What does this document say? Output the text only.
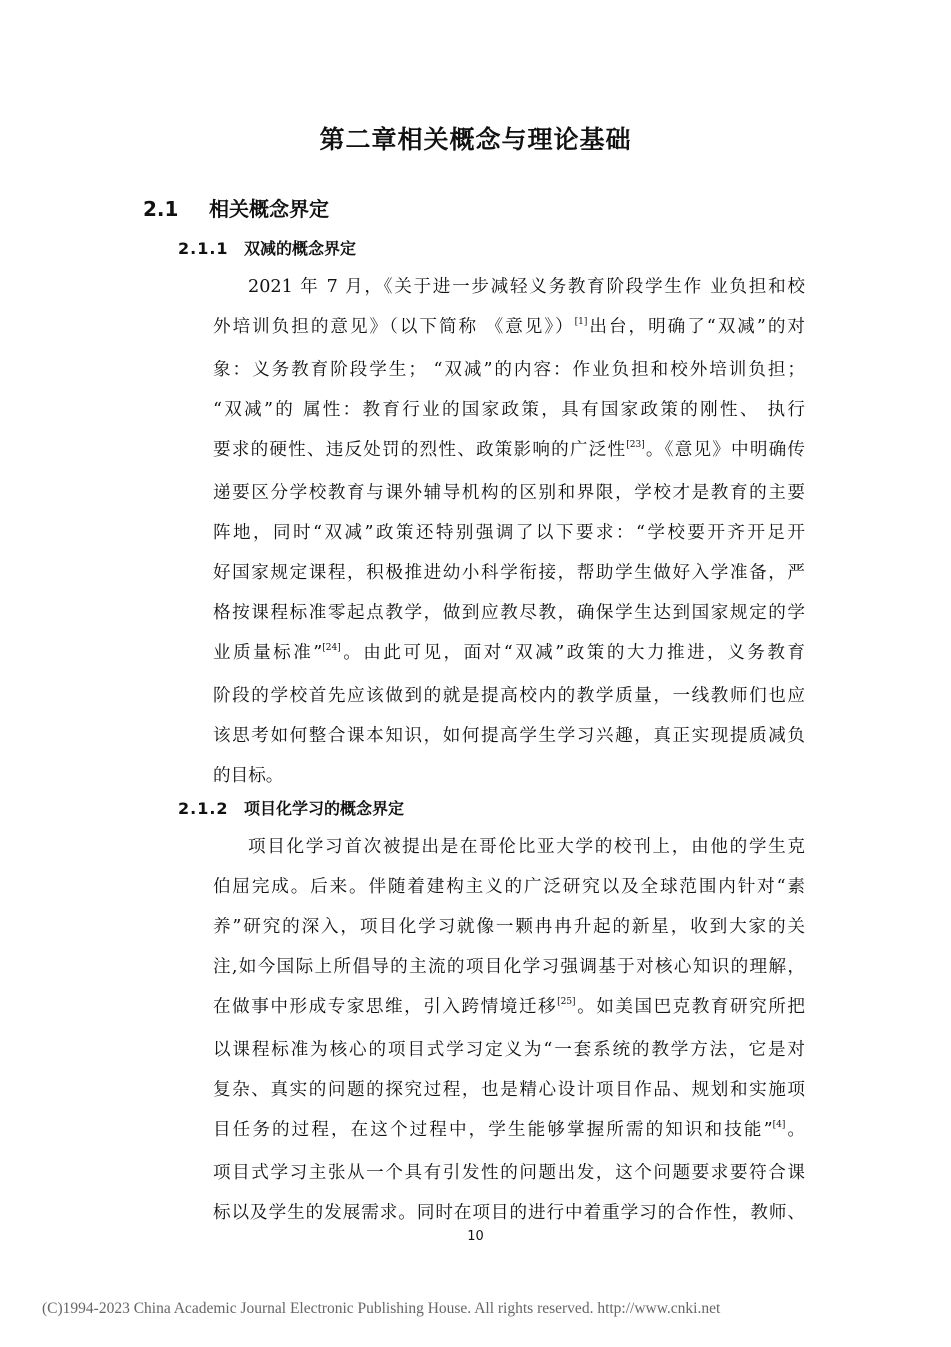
第二章相关概念与理论基础
2.1 相关概念界定
2.1.1 双减的概念界定
2021 年 7 月，《关于进一步减轻义务教育阶段学生作 业负担和校
外培训负担的意见》（以下简称 《意见》）[1]出台，明确了“双减”的对
象：义务教育阶段学生； “双减”的内容：作业负担和校外培训负担；
“双减”的 属性：教育行业的国家政策，具有国家政策的刚性、 执行
要求的硬性、违反处罚的烈性、政策影响的广泛性[23]。《意见》中明确传
递要区分学校教育与课外辅导机构的区别和界限，学校才是教育的主要
阵地，同时“双减”政策还特别强调了以下要求：“学校要开齐开足开
好国家规定课程，积极推进幼小科学衔接，帮助学生做好入学准备，严
格按课程标准零起点教学，做到应教尽教，确保学生达到国家规定的学
业质量标准”[24]。由此可见，面对“双减”政策的大力推进，义务教育
阶段的学校首先应该做到的就是提高校内的教学质量，一线教师们也应
该思考如何整合课本知识，如何提高学生学习兴趣，真正实现提质减负
的目标。
2.1.2 项目化学习的概念界定
项目化学习首次被提出是在哥伦比亚大学的校刊上，由他的学生克
伯屈完成。后来。伴随着建构主义的广泛研究以及全球范围内针对“素
养”研究的深入，项目化学习就像一颗冉冉升起的新星，收到大家的关
注,如今国际上所倡导的主流的项目化学习强调基于对核心知识的理解，
在做事中形成专家思维，引入跨情境迁移[25]。如美国巴克教育研究所把
以课程标准为核心的项目式学习定义为“一套系统的教学方法，它是对
复杂、真实的问题的探究过程，也是精心设计项目作品、规划和实施项
目任务的过程，在这个过程中，学生能够掌握所需的知识和技能”[4]。
项目式学习主张从一个具有引发性的问题出发，这个问题要求要符合课
标以及学生的发展需求。同时在项目的进行中着重学习的合作性，教师、
10
(C)1994-2023 China Academic Journal Electronic Publishing House. All rights reserved. http://www.cnki.net
